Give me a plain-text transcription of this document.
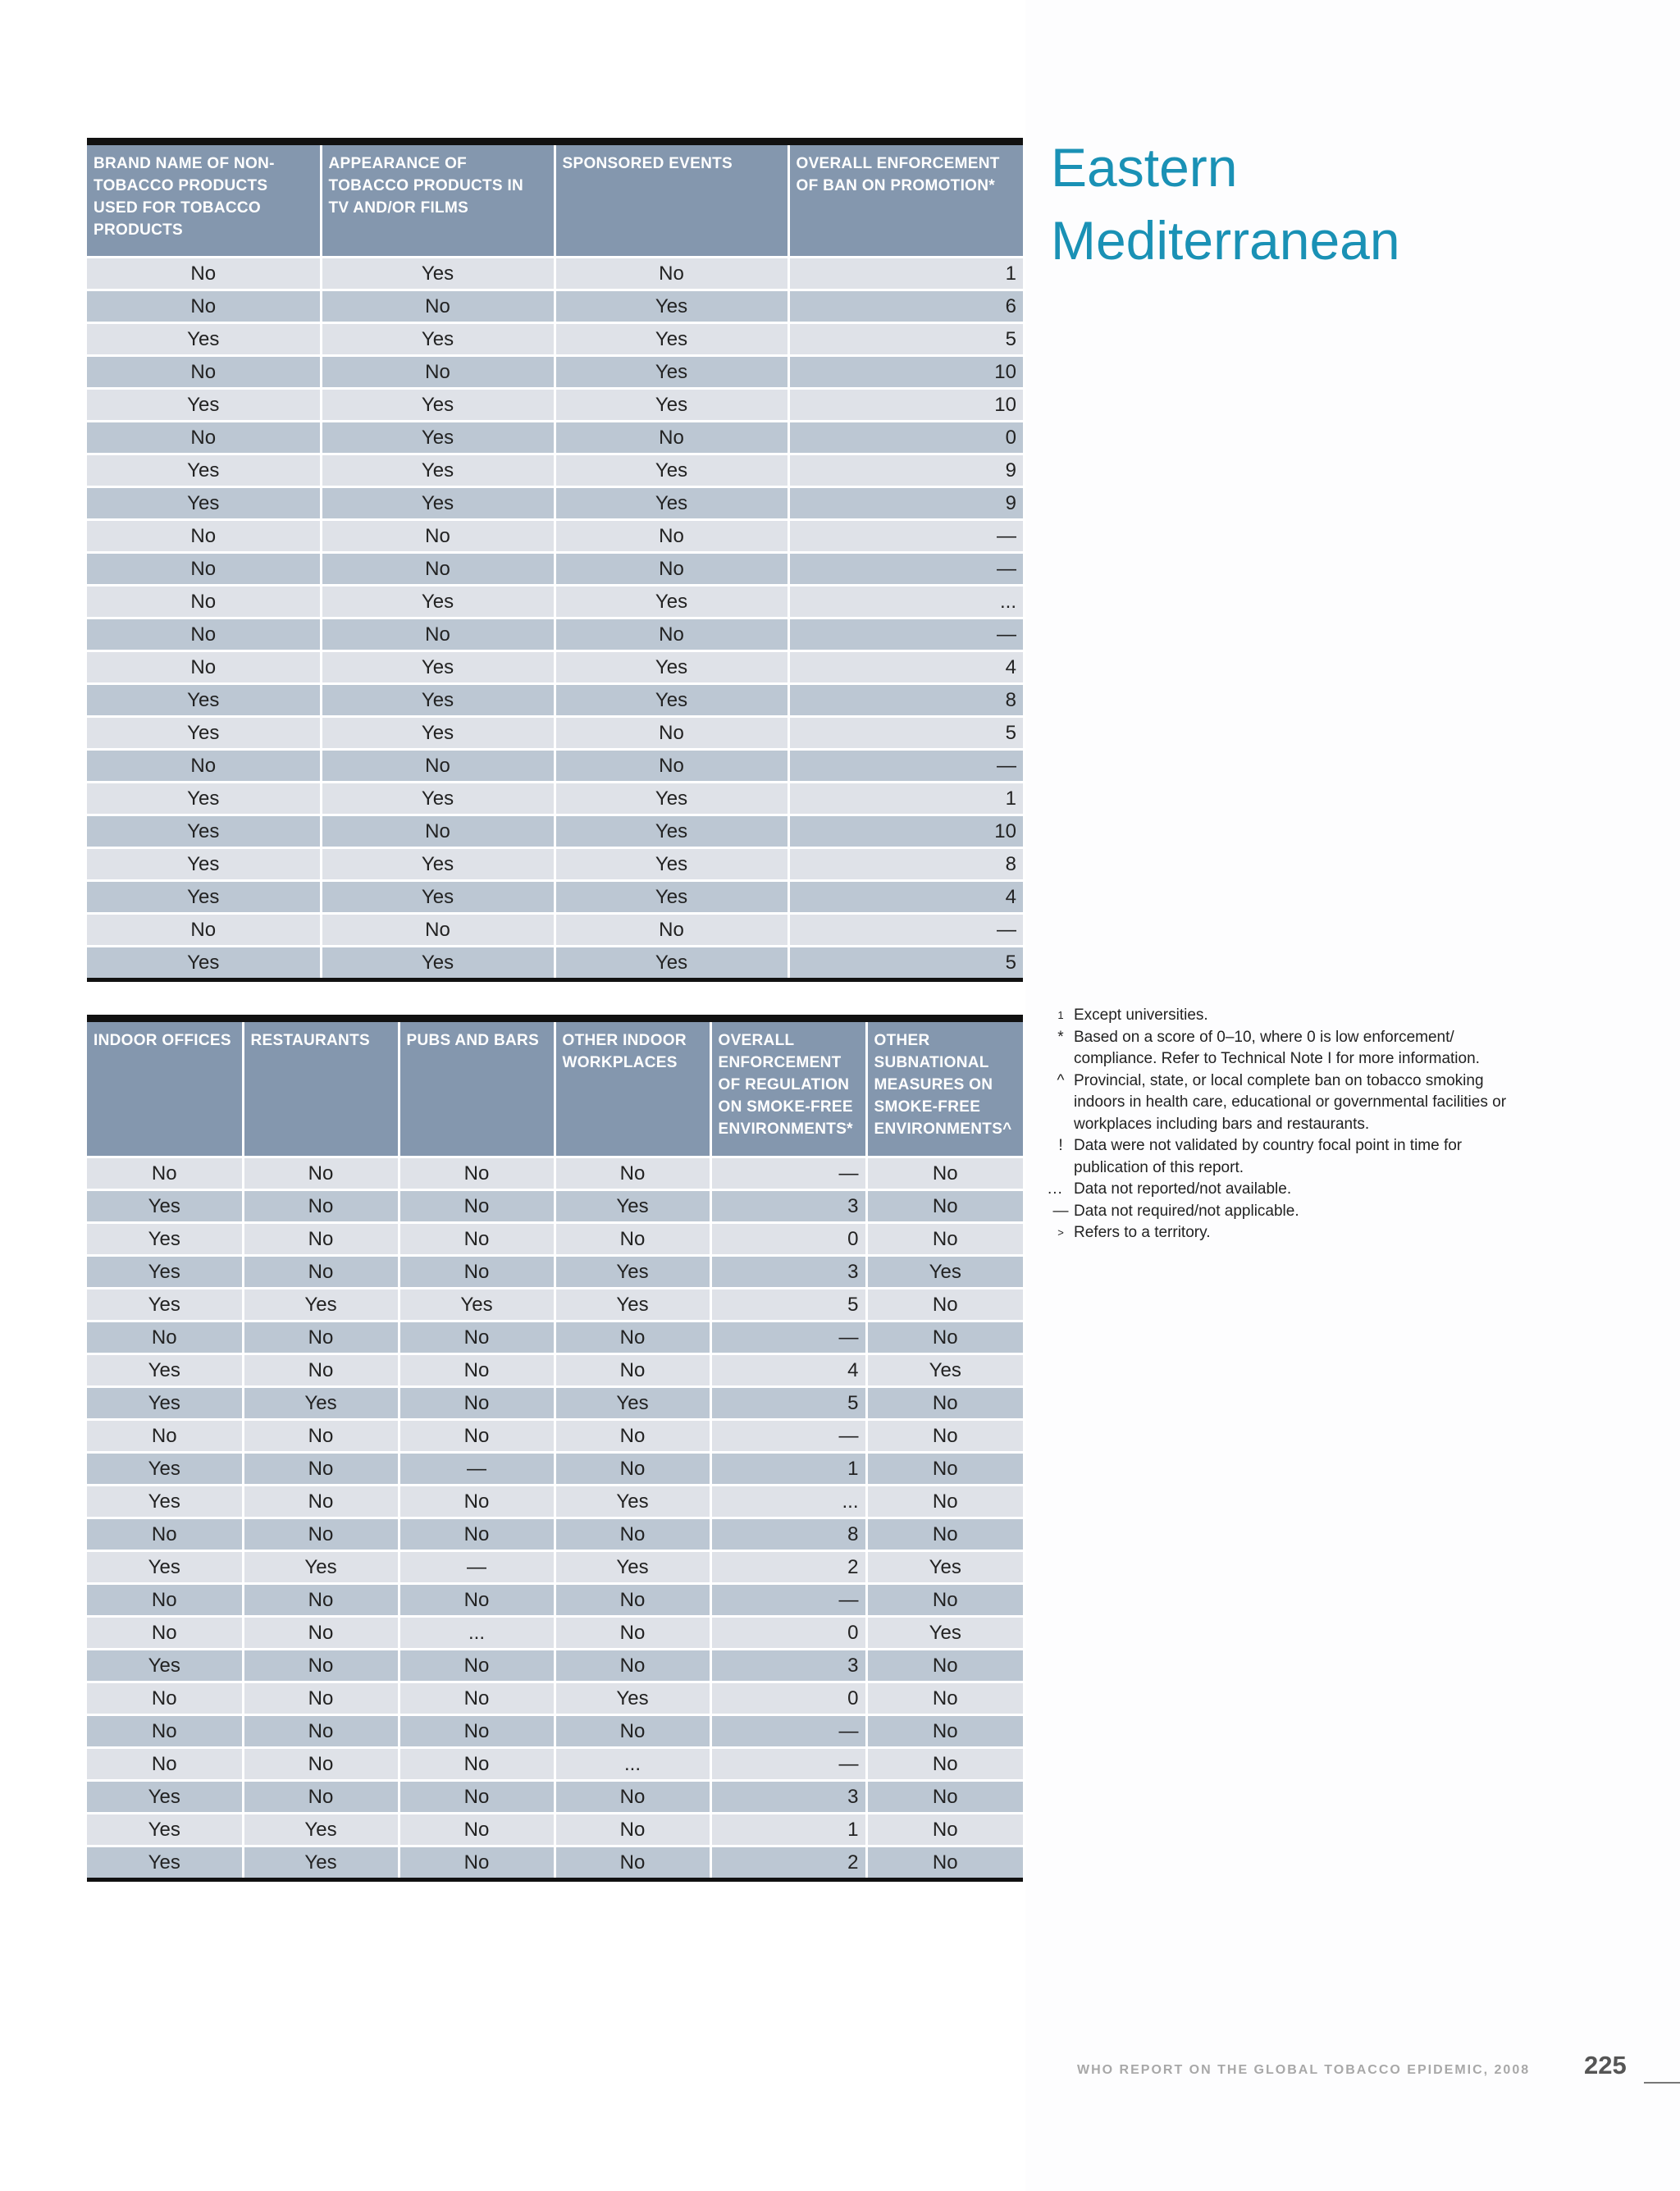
BRAND NAME OF NON-TOBACCO PRODUCTS USED FOR TOBACCO PRODUCTS	APPEARANCE OF TOBACCO PRODUCTS IN TV AND/OR FILMS	SPONSORED EVENTS	OVERALL ENFORCEMENT OF BAN ON PROMOTION*
No	Yes	No	1
No	No	Yes	6
Yes	Yes	Yes	5
No	No	Yes	10
Yes	Yes	Yes	10
No	Yes	No	0
Yes	Yes	Yes	9
Yes	Yes	Yes	9
No	No	No	—
No	No	No	—
No	Yes	Yes	...
No	No	No	—
No	Yes	Yes	4
Yes	Yes	Yes	8
Yes	Yes	No	5
No	No	No	—
Yes	Yes	Yes	1
Yes	No	Yes	10
Yes	Yes	Yes	8
Yes	Yes	Yes	4
No	No	No	—
Yes	Yes	Yes	5
INDOOR OFFICES	RESTAURANTS	PUBS AND BARS	OTHER INDOOR WORKPLACES	OVERALL ENFORCEMENT OF REGULATION ON SMOKE-FREE ENVIRONMENTS*	OTHER SUBNATIONAL MEASURES ON SMOKE-FREE ENVIRONMENTS^
No	No	No	No	—	No
Yes	No	No	Yes	3	No
Yes	No	No	No	0	No
Yes	No	No	Yes	3	Yes
Yes	Yes	Yes	Yes	5	No
No	No	No	No	—	No
Yes	No	No	No	4	Yes
Yes	Yes	No	Yes	5	No
No	No	No	No	—	No
Yes	No	—	No	1	No
Yes	No	No	Yes	...	No
No	No	No	No	8	No
Yes	Yes	—	Yes	2	Yes
No	No	No	No	—	No
No	No	...	No	0	Yes
Yes	No	No	No	3	No
No	No	No	Yes	0	No
No	No	No	No	—	No
No	No	No	...	—	No
Yes	No	No	No	3	No
Yes	Yes	No	No	1	No
Yes	Yes	No	No	2	No
Eastern Mediterranean
1 Except universities.
* Based on a score of 0–10, where 0 is low enforcement/ compliance. Refer to Technical Note I for more information.
^ Provincial, state, or local complete ban on tobacco smoking indoors in health care, educational or governmental facilities or workplaces including bars and restaurants.
! Data were not validated by country focal point in time for publication of this report.
... Data not reported/not available.
— Data not required/not applicable.
> Refers to a territory.
WHO REPORT ON THE GLOBAL TOBACCO EPIDEMIC, 2008 225
